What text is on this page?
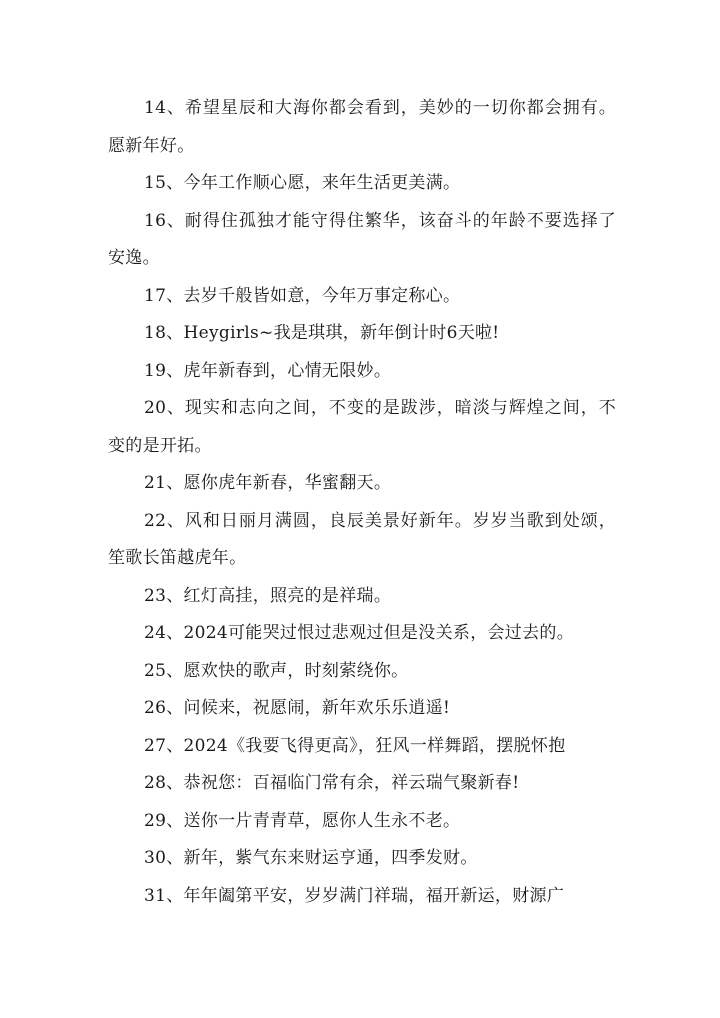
14、希望星辰和大海你都会看到，美妙的一切你都会拥有。愿新年好。

15、今年工作顺心愿，来年生活更美满。

16、耐得住孤独才能守得住繁华，该奋斗的年龄不要选择了安逸。

17、去岁千般皆如意，今年万事定称心。

18、Heygirls~我是琪琪，新年倒计时6天啦!

19、虎年新春到，心情无限妙。

20、现实和志向之间，不变的是跋涉，暗淡与辉煌之间，不变的是开拓。

21、愿你虎年新春，华蜜翻天。

22、风和日丽月满圆，良辰美景好新年。岁岁当歌到处颂，笙歌长笛越虎年。

23、红灯高挂，照亮的是祥瑞。

24、2024可能哭过恨过悲观过但是没关系，会过去的。

25、愿欢快的歌声，时刻萦绕你。

26、问候来，祝愿闹，新年欢乐乐逍遥!

27、2024《我要飞得更高》，狂风一样舞蹈，摆脱怀抱

28、恭祝您：百福临门常有余，祥云瑞气聚新春!

29、送你一片青青草，愿你人生永不老。

30、新年，紫气东来财运亨通，四季发财。

31、年年阖第平安，岁岁满门祥瑞，福开新运，财源广
